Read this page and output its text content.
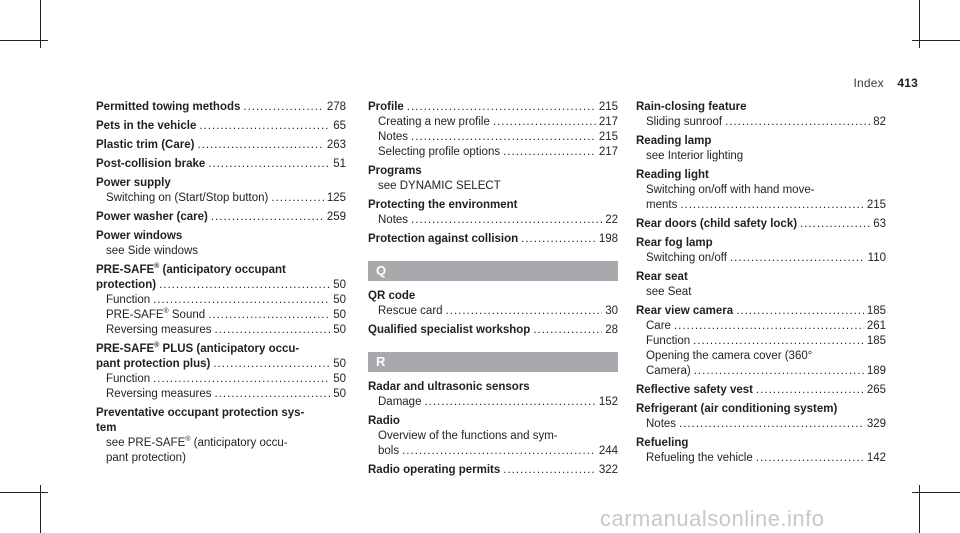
Index 413
Permitted towing methods .....	278
Pets in the vehicle .....	65
Plastic trim (Care) .....	263
Post-collision brake .....	51
Power supply
Switching on (Start/Stop button) .....	125
Power washer (care) .....	259
Power windows
see Side windows
PRE-SAFE® (anticipatory occupant
protection) .....	50
Function .....	50
PRE-SAFE® Sound .....	50
Reversing measures .....	50
PRE-SAFE® PLUS (anticipatory occu-
pant protection plus) .....	50
Function .....	50
Reversing measures .....	50
Preventative occupant protection sys-
tem
see PRE-SAFE® (anticipatory occu-
pant protection)
Profile .....	215
Creating a new profile .....	217
Notes .....	215
Selecting profile options .....	217
Programs
see DYNAMIC SELECT
Protecting the environment
Notes .....	22
Protection against collision .....	198
Q
QR code
Rescue card .....	30
Qualified specialist workshop .....	28
R
Radar and ultrasonic sensors
Damage .....	152
Radio
Overview of the functions and sym-
bols .....	244
Radio operating permits .....	322
Rain-closing feature
Sliding sunroof .....	82
Reading lamp
see Interior lighting
Reading light
Switching on/off with hand move-
ments .....	215
Rear doors (child safety lock) .....	63
Rear fog lamp
Switching on/off .....	110
Rear seat
see Seat
Rear view camera .....	185
Care .....	261
Function .....	185
Opening the camera cover (360°
Camera) .....	189
Reflective safety vest .....	265
Refrigerant (air conditioning system)
Notes .....	329
Refueling
Refueling the vehicle .....	142
carmanualsonline.info
